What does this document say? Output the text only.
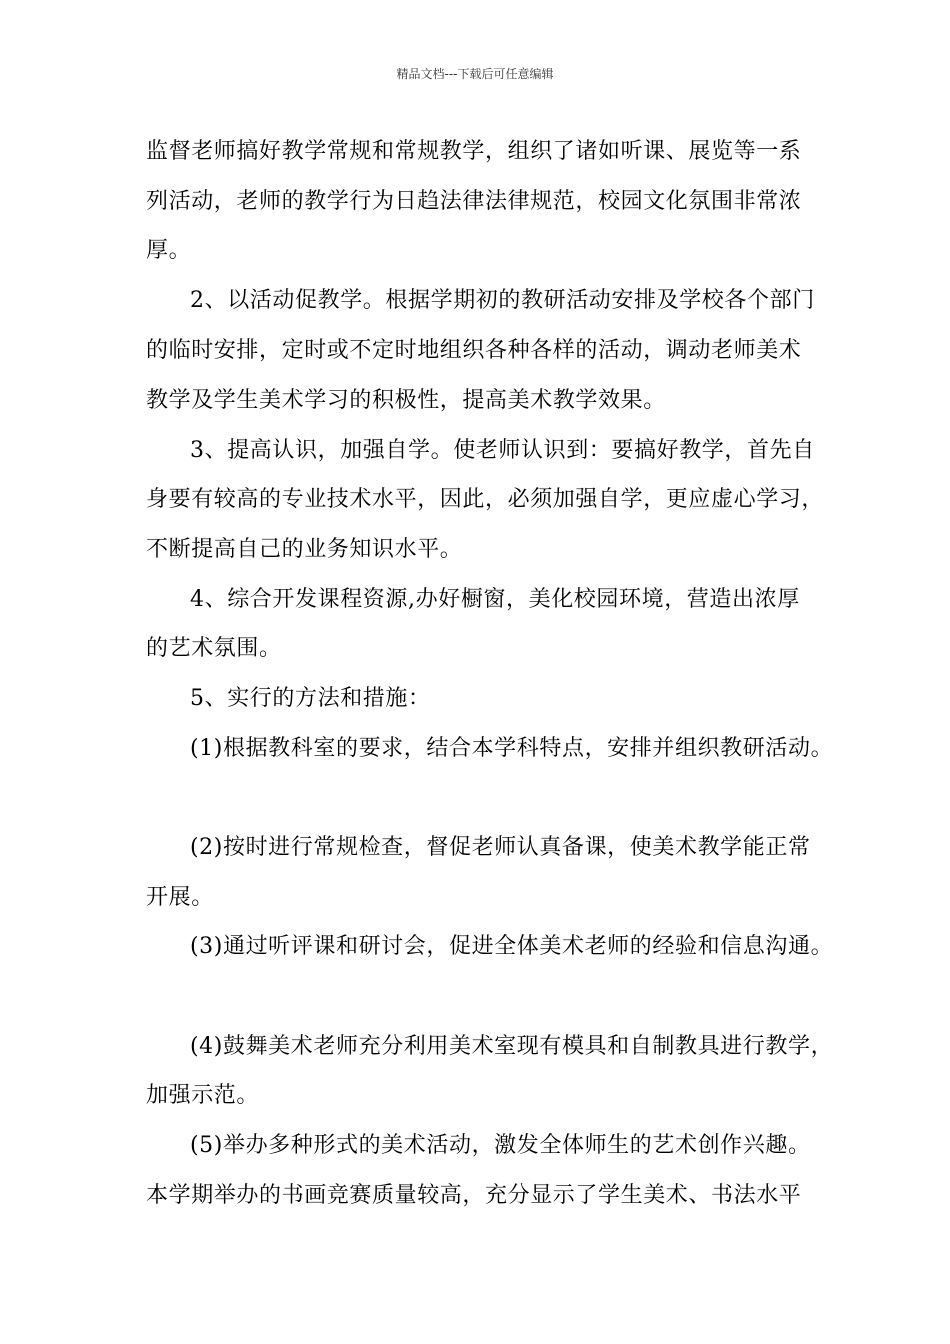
精品文档---下载后可任意编辑
监督老师搞好教学常规和常规教学，组织了诸如听课、展览等一系
列活动，老师的教学行为日趋法律法律规范，校园文化氛围非常浓
厚。
2、以活动促教学。根据学期初的教研活动安排及学校各个部门
的临时安排，定时或不定时地组织各种各样的活动，调动老师美术
教学及学生美术学习的积极性，提高美术教学效果。
3、提高认识，加强自学。使老师认识到：要搞好教学，首先自
身要有较高的专业技术水平，因此，必须加强自学，更应虚心学习，
不断提高自己的业务知识水平。
4、综合开发课程资源,办好橱窗，美化校园环境，营造出浓厚
的艺术氛围。
5、实行的方法和措施：
(1)根据教科室的要求，结合本学科特点，安排并组织教研活动。
(2)按时进行常规检查，督促老师认真备课，使美术教学能正常
开展。
(3)通过听评课和研讨会，促进全体美术老师的经验和信息沟通。
(4)鼓舞美术老师充分利用美术室现有模具和自制教具进行教学，
加强示范。
(5)举办多种形式的美术活动，激发全体师生的艺术创作兴趣。
本学期举办的书画竞赛质量较高，充分显示了学生美术、书法水平
